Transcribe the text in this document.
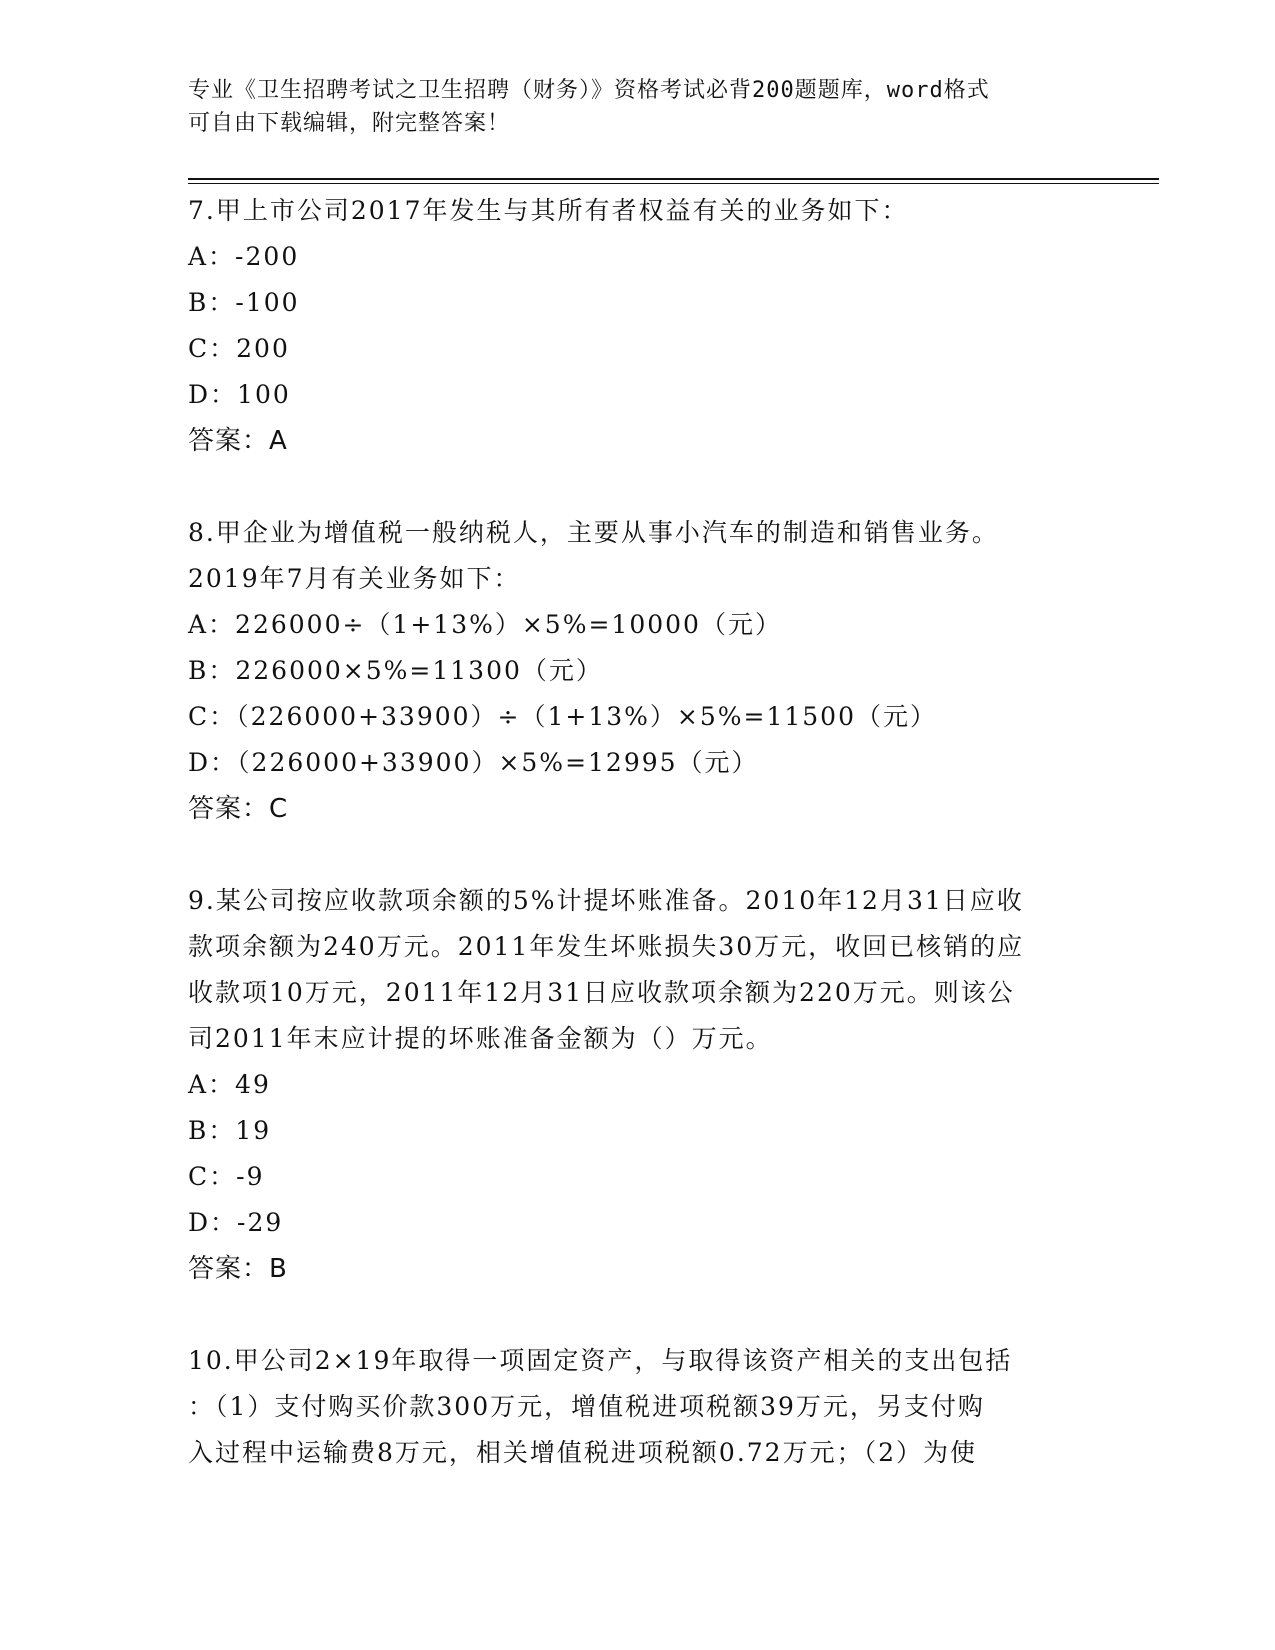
专业《卫生招聘考试之卫生招聘（财务）》资格考试必背200题题库，word格式
可自由下载编辑，附完整答案！
7.甲上市公司2017年发生与其所有者权益有关的业务如下：
A：-200
B：-100
C：200
D：100
答案：A
8.甲企业为增值税一般纳税人，主要从事小汽车的制造和销售业务。
2019年7月有关业务如下：
A：226000÷（1+13%）×5%=10000（元）
B：226000×5%=11300（元）
C：（226000+33900）÷（1+13%）×5%=11500（元）
D：（226000+33900）×5%=12995（元）
答案：C
9.某公司按应收款项余额的5%计提坏账准备。2010年12月31日应收
款项余额为240万元。2011年发生坏账损失30万元，收回已核销的应
收款项10万元，2011年12月31日应收款项余额为220万元。则该公
司2011年末应计提的坏账准备金额为（）万元。
A：49
B：19
C：-9
D：-29
答案：B
10.甲公司2×19年取得一项固定资产，与取得该资产相关的支出包括
：（1）支付购买价款300万元，增值税进项税额39万元，另支付购
入过程中运输费8万元，相关增值税进项税额0.72万元；（2）为使
